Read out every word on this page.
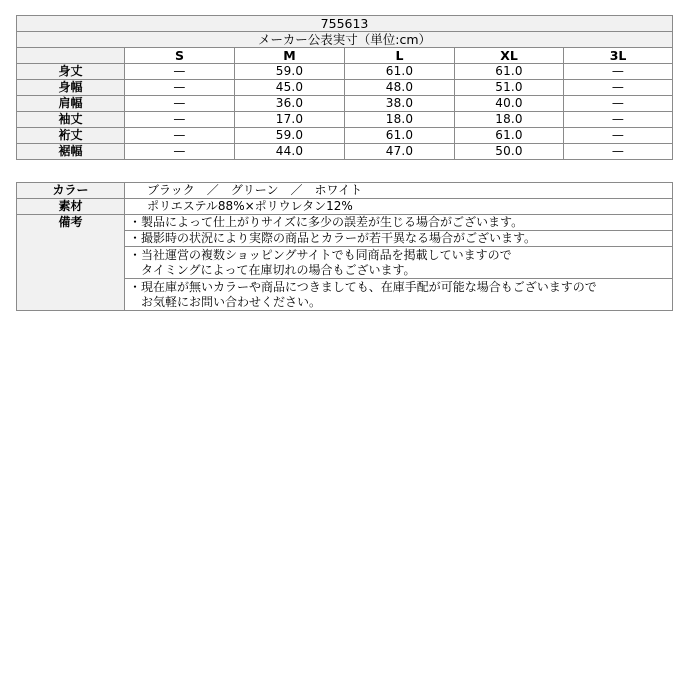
755613					
メーカー公表実寸（単位:cm）					
	S	M	L	XL	3L
身丈	—	59.0	61.0	61.0	—
身幅	—	45.0	48.0	51.0	—
肩幅	—	36.0	38.0	40.0	—
袖丈	—	17.0	18.0	18.0	—
裄丈	—	59.0	61.0	61.0	—
裾幅	—	44.0	47.0	50.0	—
カラー	ブラック　／　グリーン　／　ホワイト
素材	ポリエステル88%×ポリウレタン12%
備考	・製品によって仕上がりサイズに多少の誤差が生じる場合がございます。

	・撮影時の状況により実際の商品とカラーが若干異なる場合がございます。

	・当社運営の複数ショッピングサイトでも同商品を掲載していますので
タイミングによって在庫切れの場合もございます。

	・現在庫が無いカラーや商品につきましても、在庫手配が可能な場合もございますので
お気軽にお問い合わせください。
